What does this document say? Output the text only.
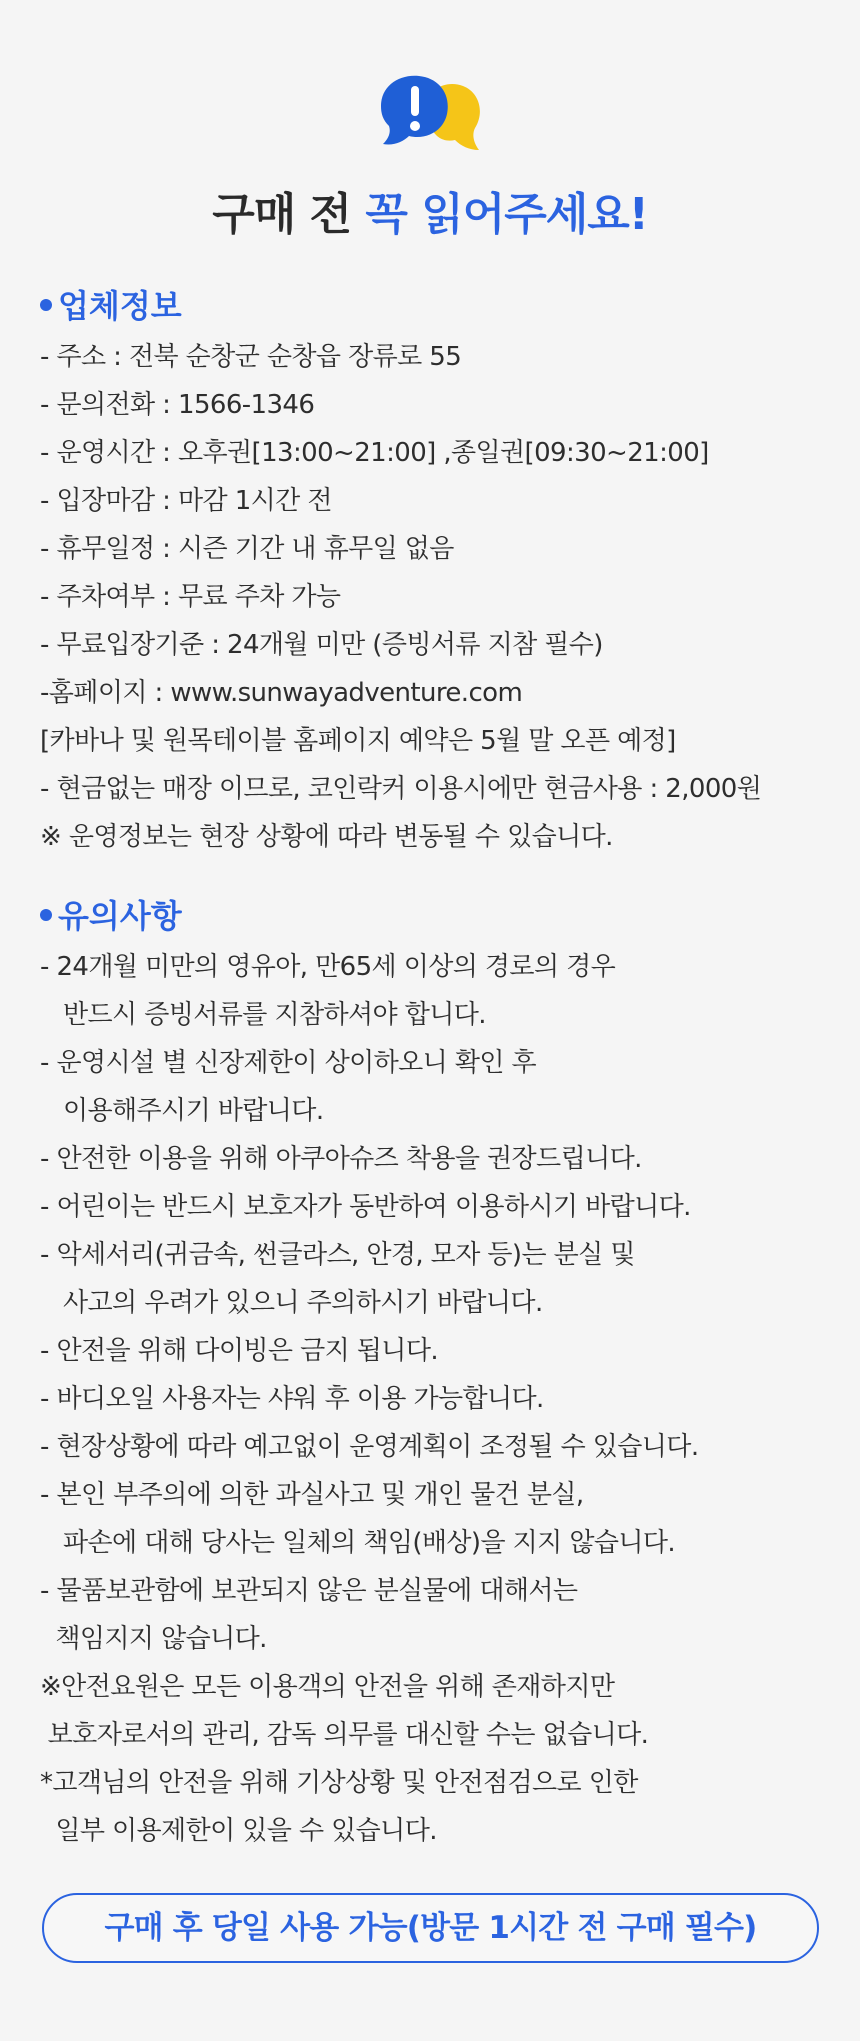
구매 전 꼭 읽어주세요!
업체정보
- 주소 : 전북 순창군 순창읍 장류로 55
- 문의전화 : 1566-1346
- 운영시간 : 오후권[13:00~21:00] ,종일권[09:30~21:00]
- 입장마감 : 마감 1시간 전
- 휴무일정 : 시즌 기간 내 휴무일 없음
- 주차여부 : 무료 주차 가능
- 무료입장기준 : 24개월 미만 (증빙서류 지참 필수)
-홈페이지 : www.sunwayadventure.com
[카바나 및 원목테이블 홈페이지 예약은 5월 말 오픈 예정]
- 현금없는 매장 이므로, 코인락커 이용시에만 현금사용 : 2,000원
※ 운영정보는 현장 상황에 따라 변동될 수 있습니다.
유의사항
- 24개월 미만의 영유아, 만65세 이상의 경로의 경우
반드시 증빙서류를 지참하셔야 합니다.
- 운영시설 별 신장제한이 상이하오니 확인 후
이용해주시기 바랍니다.
- 안전한 이용을 위해 아쿠아슈즈 착용을 권장드립니다.
- 어린이는 반드시 보호자가 동반하여 이용하시기 바랍니다.
- 악세서리(귀금속, 썬글라스, 안경, 모자 등)는 분실 및
사고의 우려가 있으니 주의하시기 바랍니다.
- 안전을 위해 다이빙은 금지 됩니다.
- 바디오일 사용자는 샤워 후 이용 가능합니다.
- 현장상황에 따라 예고없이 운영계획이 조정될 수 있습니다.
- 본인 부주의에 의한 과실사고 및 개인 물건 분실,
파손에 대해 당사는 일체의 책임(배상)을 지지 않습니다.
- 물품보관함에 보관되지 않은 분실물에 대해서는
책임지지 않습니다.
※안전요원은 모든 이용객의 안전을 위해 존재하지만
보호자로서의 관리, 감독 의무를 대신할 수는 없습니다.
*고객님의 안전을 위해 기상상황 및 안전점검으로 인한
일부 이용제한이 있을 수 있습니다.
구매 후 당일 사용 가능(방문 1시간 전 구매 필수)
